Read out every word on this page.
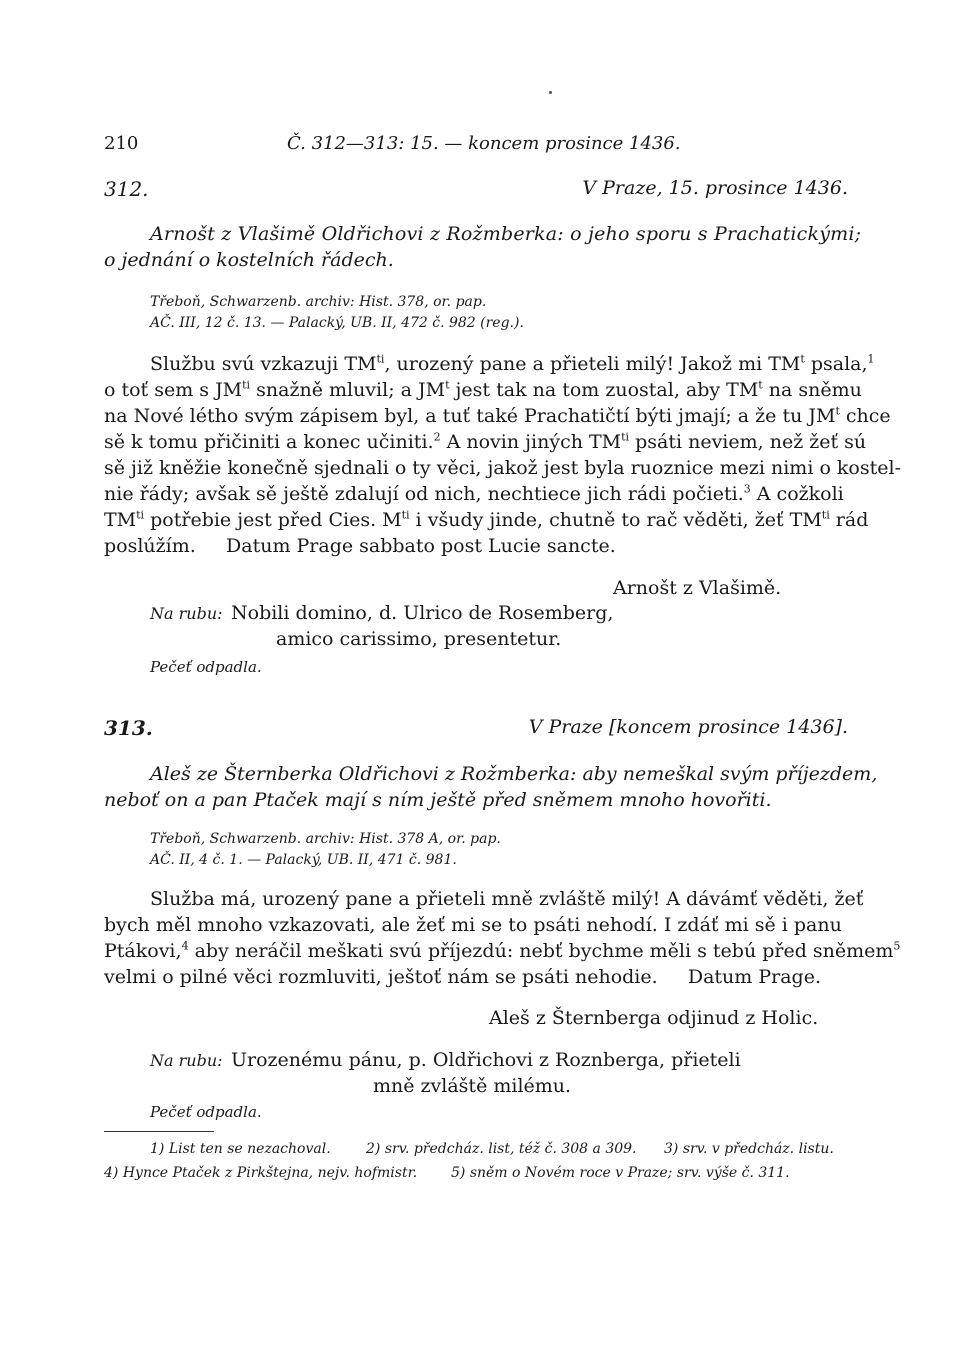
210	Č. 312—313: 15. — koncem prosince 1436.
312.	V Praze, 15. prosince 1436.
Arnošt z Vlašimě Oldřichovi z Rožmberka: o jeho sporu s Prachatickými;
o jednání o kostelních řádech.
Třeboň, Schwarzenb. archiv: Hist. 378, or. pap.
AČ. III, 12 č. 13. — Palacký, UB. II, 472 č. 982 (reg.).
Službu svú vzkazuji $TM^{ti}$, urozený pane a přieteli milý! Jakož mi $TM^t$ psala,$^1$
o toť sem s $JM^{ti}$ snažně mluvil; a $JM^t$ jest tak na tom zuostal, aby $TM^t$ na sněmu
na Nové létho svým zápisem byl, a tuť také Prachatičtí býti jmají; a že tu $JM^t$ chce
sě k tomu přičiniti a konec učiniti.$^2$ A novin jiných $TM^{ti}$ psáti neviem, než žeť sú
sě již kněžie konečně sjednali o ty věci, jakož jest byla ruoznice mezi nimi o kostel-
nie řády; avšak sě ještě zdalují od nich, nechtiece jich rádi počieti.$^3$ A cožkoli
$TM^{ti}$ potřebie jest před Cies. $M^{ti}$ i všudy jinde, chutně to rač věděti, žeť $TM^{ti}$ rád
poslúžím.     Datum Prage sabbato post Lucie sancte.
Arnošt z Vlašimě.
Na rubu: Nobili domino, d. Ulrico de Rosemberg,
amico carissimo, presentetur.
Pečeť odpadla.
313.	V Praze [koncem prosince 1436].
Aleš ze Šternberka Oldřichovi z Rožmberka: aby nemeškal svým příjezdem,
neboť on a pan Ptaček mají s ním ještě před sněmem mnoho hovořiti.
Třeboň, Schwarzenb. archiv: Hist. 378 A, or. pap.
AČ. II, 4 č. 1. — Palacký, UB. II, 471 č. 981.
Služba má, urozený pane a přieteli mně zvláště milý! A dávámť věděti, žeť
bych měl mnoho vzkazovati, ale žeť mi se to psáti nehodí. I zdáť mi sě i panu
Ptákovi,$^4$ aby neráčil meškati svú příjezdú: nebť bychme měli s tebú před sněmem$^5$
velmi o pilné věci rozmluviti, ještoť nám se psáti nehodie.     Datum Prage.
Aleš z Šternberga odjinud z Holic.
Na rubu: Urozenému pánu, p. Oldřichovi z Roznberga, přieteli
mně zvláště milému.
Pečeť odpadla.
1) List ten se nezachoval.	2) srv. předcház. list, též č. 308 a 309. 3) srv. v předcház. listu.
4) Hynce Ptaček z Pirkštejna, nejv. hofmistr. 5) sněm o Novém roce v Praze; srv. výše č. 311.
